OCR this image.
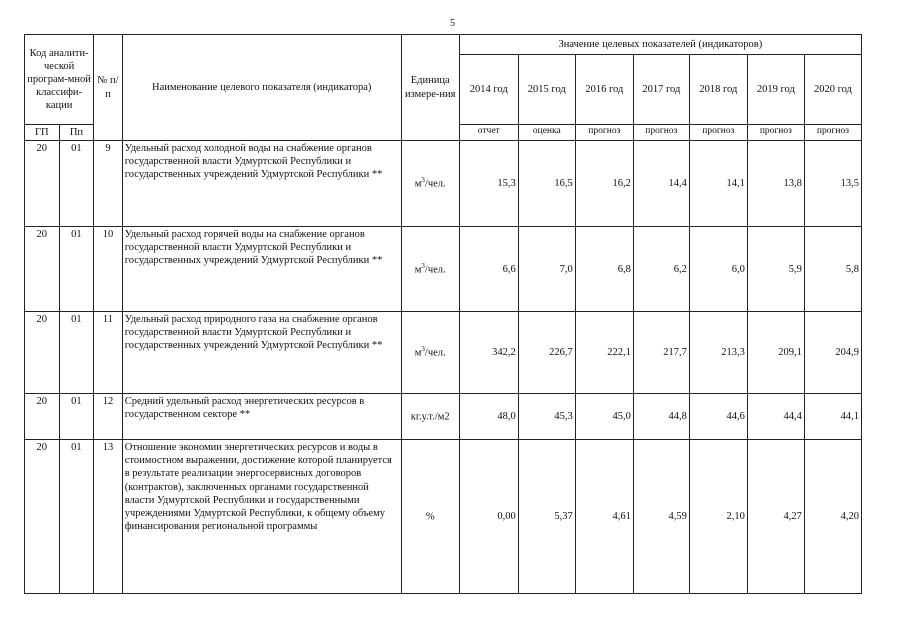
5
Код аналити-ческой програм-мной классифи-кации		№ п/п	Наименование целевого показателя (индикатора)	Единица измере-ния	Значение целевых показателей (индикаторов)						
					2014 год	2015 год	2016 год	2017 год	2018 год	2019 год	2020 год
ГП	Пп				отчет	оценка	прогноз	прогноз	прогноз	прогноз	прогноз
20	01	9	Удельный расход холодной воды на снабжение органов государственной власти Удмуртской Республики и государственных учреждений Удмуртской Республики **	$м^3$/чел.	15,3	16,5	16,2	14,4	14,1	13,8	13,5
20	01	10	Удельный расход горячей воды на снабжение органов государственной власти Удмуртской Республики и государственных учреждений Удмуртской Республики **	$м^3$/чел.	6,6	7,0	6,8	6,2	6,0	5,9	5,8
20	01	11	Удельный расход природного газа на снабжение органов государственной власти Удмуртской Республики и государственных учреждений Удмуртской Республики **	$м^3$/чел.	342,2	226,7	222,1	217,7	213,3	209,1	204,9
20	01	12	Средний удельный расход энергетических ресурсов в государственном секторе **	кг.у.т./м2	48,0	45,3	45,0	44,8	44,6	44,4	44,1
20	01	13	Отношение экономии энергетических ресурсов и воды в стоимостном выражении, достижение которой планируется в результате реализации энергосервисных договоров (контрактов), заключенных органами государственной власти Удмуртской Республики и государственными учреждениями Удмуртской Республики, к общему объему финансирования региональной программы	%	0,00	5,37	4,61	4,59	2,10	4,27	4,20
